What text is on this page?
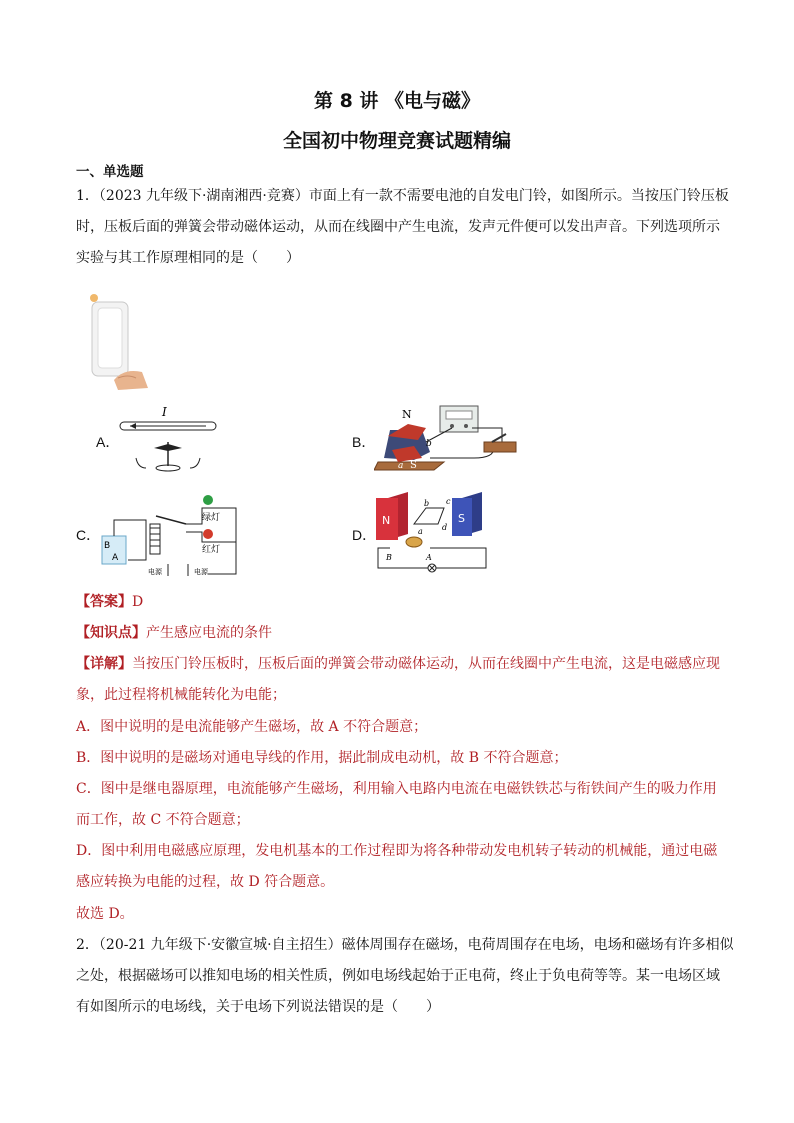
第 8 讲 《电与磁》
全国初中物理竞赛试题精编
一、单选题
1．（2023 九年级下·湖南湘西·竞赛）市面上有一款不需要电池的自发电门铃，如图所示。当按压门铃压板
时，压板后面的弹簧会带动磁体运动，从而在线圈中产生电流，发声元件便可以发出声音。下列选项所示
实验与其工作原理相同的是（　　）
A．
I
B．
N
S
a
b
C．
B
A
绿灯
红灯
电源	电源
D．
N	S
a
b c
d
B	A
【答案】D
【知识点】产生感应电流的条件
【详解】当按压门铃压板时，压板后面的弹簧会带动磁体运动，从而在线圈中产生电流，这是电磁感应现
象，此过程将机械能转化为电能；
A．图中说明的是电流能够产生磁场，故 A 不符合题意；
B．图中说明的是磁场对通电导线的作用，据此制成电动机，故 B 不符合题意；
C．图中是继电器原理，电流能够产生磁场，利用输入电路内电流在电磁铁铁芯与衔铁间产生的吸力作用
而工作，故 C 不符合题意；
D．图中利用电磁感应原理，发电机基本的工作过程即为将各种带动发电机转子转动的机械能，通过电磁
感应转换为电能的过程，故 D 符合题意。
故选 D。
2．（20-21 九年级下·安徽宣城·自主招生）磁体周围存在磁场，电荷周围存在电场，电场和磁场有许多相似
之处，根据磁场可以推知电场的相关性质，例如电场线起始于正电荷，终止于负电荷等等。某一电场区域
有如图所示的电场线，关于电场下列说法错误的是（　　）
